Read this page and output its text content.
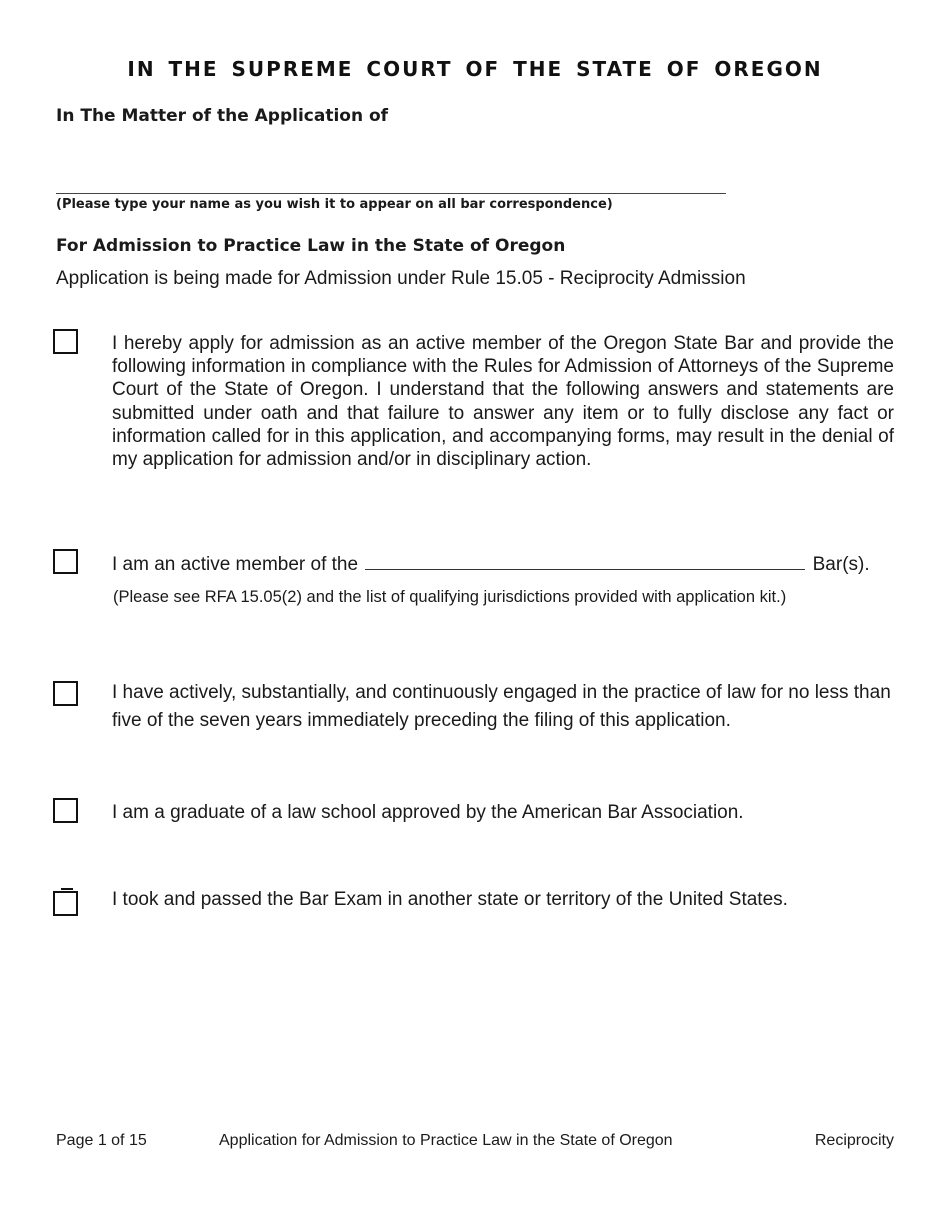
IN THE SUPREME COURT OF THE STATE OF OREGON
In The Matter of the Application of
(Please type your name as you wish it to appear on all bar correspondence)
For Admission to Practice Law in the State of Oregon
Application is being made for Admission under Rule 15.05 - Reciprocity Admission
I hereby apply for admission as an active member of the Oregon State Bar and provide the following information in compliance with the Rules for Admission of Attorneys of the Supreme Court of the State of Oregon. I understand that the following answers and statements are submitted under oath and that failure to answer any item or to fully disclose any fact or information called for in this application, and accompanying forms, may result in the denial of my application for admission and/or in disciplinary action.
I am an active member of the	Bar(s).
(Please see RFA 15.05(2) and the list of qualifying jurisdictions provided with application kit.)
I have actively, substantially, and continuously engaged in the practice of law for no less than five of the seven years immediately preceding the filing of this application.
I am a graduate of a law school approved by the American Bar Association.
I took and passed the Bar Exam in another state or territory of the United States.
Page 1 of 15	Application for Admission to Practice Law in the State of Oregon	Reciprocity
